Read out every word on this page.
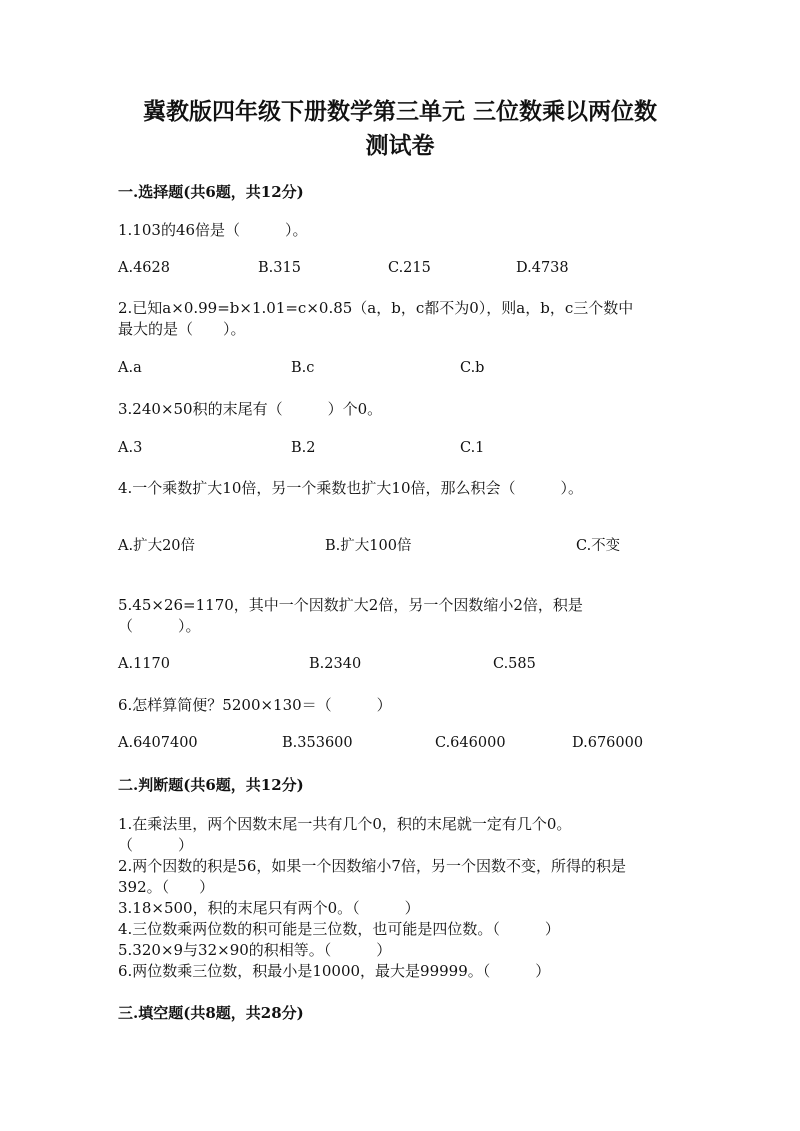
冀教版四年级下册数学第三单元 三位数乘以两位数
测试卷
一.选择题(共6题，共12分)
1.103的46倍是（　　　）。
A.4628	B.315	C.215	D.4738
2.已知a×0.99=b×1.01=c×0.85（a，b，c都不为0），则a，b，c三个数中
最大的是（　　）。
A.a	B.c	C.b
3.240×50积的末尾有（　　　）个0。
A.3	B.2	C.1
4.一个乘数扩大10倍，另一个乘数也扩大10倍，那么积会（　　　）。
A.扩大20倍	B.扩大100倍	C.不变
5.45×26=1170，其中一个因数扩大2倍，另一个因数缩小2倍，积是
（　　　）。
A.1170	B.2340	C.585
6.怎样算简便？5200×130＝（　　　）
A.6407400	B.353600	C.646000	D.676000
二.判断题(共6题，共12分)
1.在乘法里，两个因数末尾一共有几个0，积的末尾就一定有几个0。
（　　　）
2.两个因数的积是56，如果一个因数缩小7倍，另一个因数不变，所得的积是
392。（　　）
3.18×500，积的末尾只有两个0。（　　　）
4.三位数乘两位数的积可能是三位数，也可能是四位数。（　　　）
5.320×9与32×90的积相等。（　　　）
6.两位数乘三位数，积最小是10000，最大是99999。（　　　）
三.填空题(共8题，共28分)
